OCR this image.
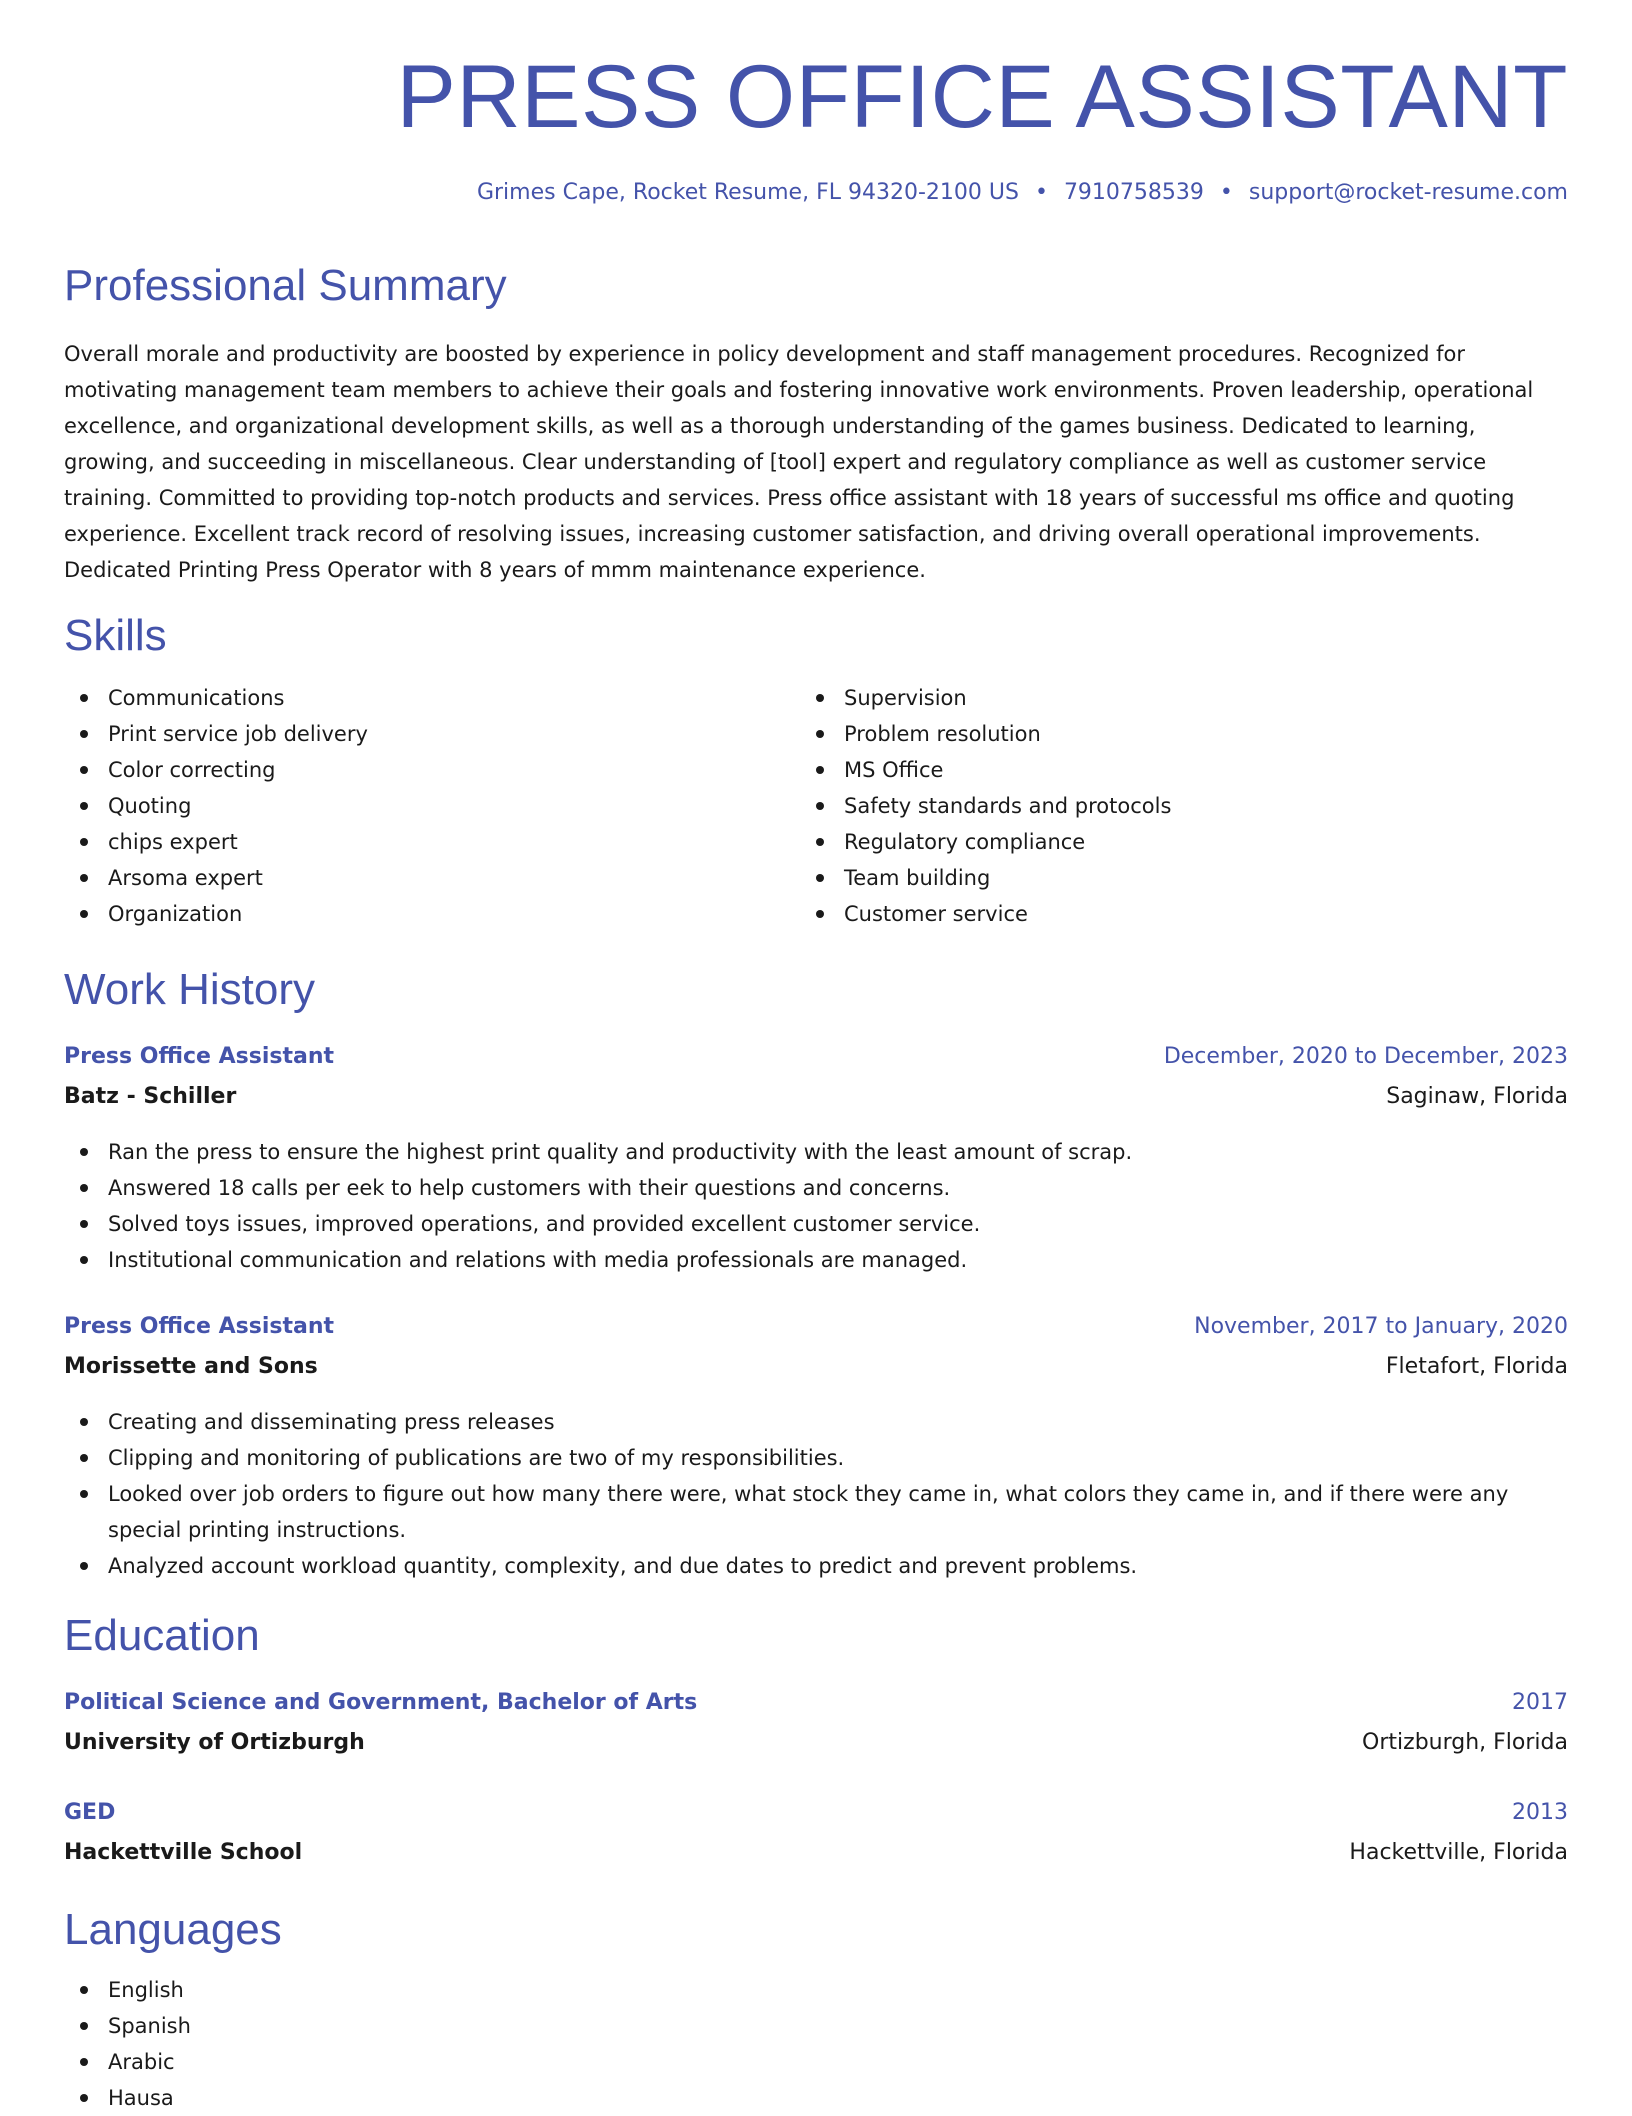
PRESS OFFICE ASSISTANT
Grimes Cape, Rocket Resume, FL 94320-2100 US • 7910758539 • support@rocket-resume.com
Professional Summary

Overall morale and productivity are boosted by experience in policy development and staff management procedures. Recognized for motivating management team members to achieve their goals and fostering innovative work environments. Proven leadership, operational excellence, and organizational development skills, as well as a thorough understanding of the games business. Dedicated to learning, growing, and succeeding in miscellaneous. Clear understanding of [tool] expert and regulatory compliance as well as customer service training. Committed to providing top-notch products and services. Press office assistant with 18 years of successful ms office and quoting experience. Excellent track record of resolving issues, increasing customer satisfaction, and driving overall operational improvements. Dedicated Printing Press Operator with 8 years of mmm maintenance experience.

Skills
Communications
Print service job delivery
Color correcting
Quoting
chips expert
Arsoma expert
Organization
Supervision
Problem resolution
MS Office
Safety standards and protocols
Regulatory compliance
Team building
Customer service
Work History
Press Office Assistant	December, 2020 to December, 2023
Batz - Schiller	Saginaw, Florida
Ran the press to ensure the highest print quality and productivity with the least amount of scrap.
Answered 18 calls per eek to help customers with their questions and concerns.
Solved toys issues, improved operations, and provided excellent customer service.
Institutional communication and relations with media professionals are managed.
Press Office Assistant	November, 2017 to January, 2020
Morissette and Sons	Fletafort, Florida
Creating and disseminating press releases
Clipping and monitoring of publications are two of my responsibilities.
Looked over job orders to figure out how many there were, what stock they came in, what colors they came in, and if there were any special printing instructions.
Analyzed account workload quantity, complexity, and due dates to predict and prevent problems.
Education
Political Science and Government, Bachelor of Arts	2017
University of Ortizburgh	Ortizburgh, Florida
GED	2013
Hackettville School	Hackettville, Florida
Languages
English
Spanish
Arabic
Hausa
